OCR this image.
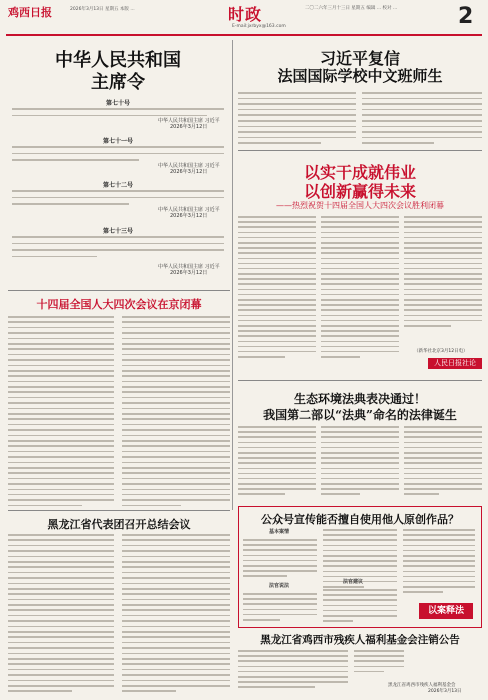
鸡西日报	2026年3月13日 星期五 本版 ...	时政
E-mail:jxrbyx@163.com
二〇二六年三月十三日 星期五 编辑 ... 校对 ...	2
中华人民共和国
主席令
第七十号
中华人民共和国主席 习近平
2026年3月12日
第七十一号
中华人民共和国主席 习近平
2026年3月12日
第七十二号
中华人民共和国主席 习近平
2026年3月12日
第七十三号
中华人民共和国主席 习近平
2026年3月12日
习近平复信
法国国际学校中文班师生
以实干成就伟业
以创新赢得未来
——热烈祝贺十四届全国人大四次会议胜利闭幕
（新华社北京3月12日电）
人民日报社论
十四届全国人大四次会议在京闭幕
生态环境法典表决通过！
我国第二部以“法典”命名的法律诞生
黑龙江省代表团召开总结会议	公众号宣传能否擅自使用他人原创作品？
基本案情
法官说法
法官建议
以案释法
黑龙江省鸡西市残疾人福利基金会注销公告
黑龙江省鸡西市残疾人福利基金会
2026年3月13日
